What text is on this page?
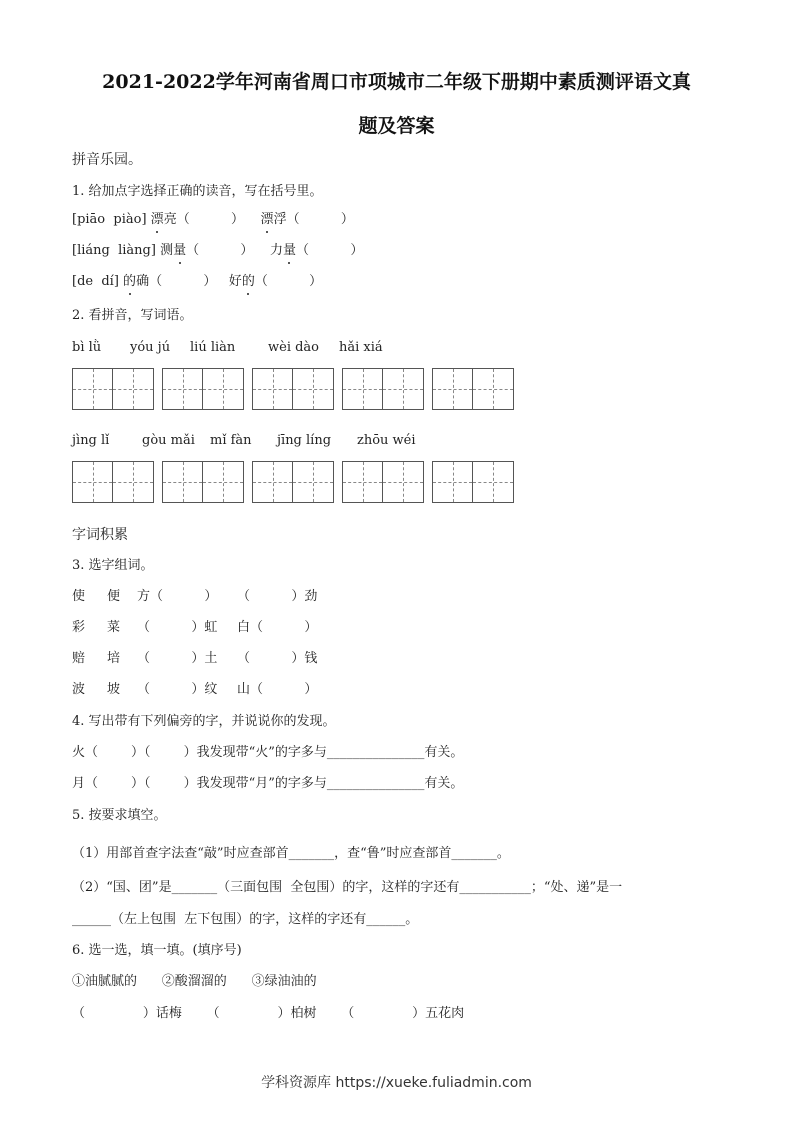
2021-2022学年河南省周口市项城市二年级下册期中素质测评语文真
题及答案
拼音乐园。
1. 给加点字选择正确的读音，写在括号里。
[piāo  piào] 漂亮（          ） 漂浮（          ）
[liáng  liàng] 测量（          ） 力量（          ）
[de  dí] 的确（          ） 好的（          ）
2. 看拼音，写词语。
bì lǜ yóu jú liú liàn	wèi dào hǎi xiá
jìng lǐ	gòu mǎi mǐ fàn jīng líng zhōu wéi
字词积累
3. 选字组词。
使 便 方（          ） （          ）劲
彩 菜 （          ）虹 白（          ）
赔 培 （          ）土 （          ）钱
波 坡 （          ）纹 山（          ）
4. 写出带有下列偏旁的字，并说说你的发现。
火（        ）（        ）我发现带“火”的字多与_______________有关。
月（        ）（        ）我发现带“月”的字多与_______________有关。
5. 按要求填空。
（1）用部首查字法查“敲”时应查部首_______，查“鲁”时应查部首_______。
（2）“国、团”是_______（三面包围  全包围）的字，这样的字还有___________；“处、递”是一
______（左上包围  左下包围）的字，这样的字还有______。
6. 选一选，填一填。(填序号)
①油腻腻的      ②酸溜溜的      ③绿油油的
（              ）话梅      （              ）柏树      （              ）五花肉
学科资源库 https://xueke.fuliadmin.com
